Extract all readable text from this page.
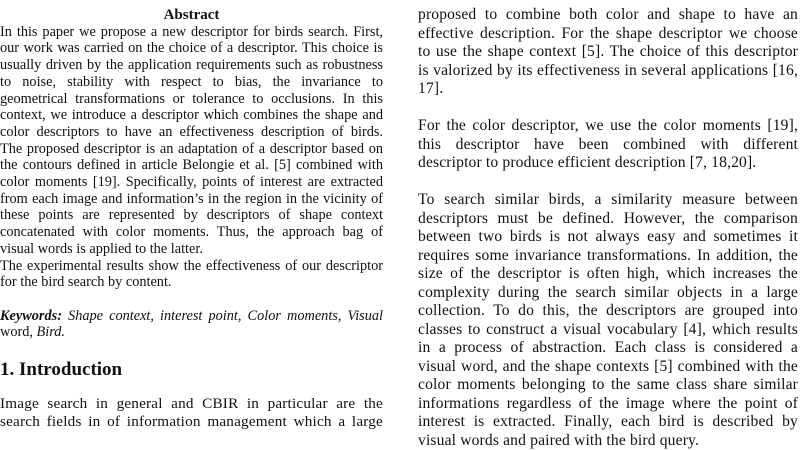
Abstract
In this paper we propose a new descriptor for birds search. First,
our work was carried on the choice of a descriptor. This choice is
usually driven by the application requirements such as robustness
to noise, stability with respect to bias, the invariance to
geometrical transformations or tolerance to occlusions. In this
context, we introduce a descriptor which combines the shape and
color descriptors to have an effectiveness description of birds.
The proposed descriptor is an adaptation of a descriptor based on
the contours defined in article Belongie et al. [5] combined with
color moments [19]. Specifically, points of interest are extracted
from each image and information’s in the region in the vicinity of
these points are represented by descriptors of shape context
concatenated with color moments. Thus, the approach bag of
visual words is applied to the latter.
The experimental results show the effectiveness of our descriptor
for the bird search by content.
Keywords: Shape context, interest point, Color moments, Visual
word, Bird.
1. Introduction
Image search in general and CBIR in particular are the
search fields in of information management which a large
proposed to combine both color and shape to have an
effective description. For the shape descriptor we choose
to use the shape context [5]. The choice of this descriptor
is valorized by its effectiveness in several applications [16,
17].
For the color descriptor, we use the color moments [19],
this descriptor have been combined with different
descriptor to produce efficient description [7, 18,20].
To search similar birds, a similarity measure between
descriptors must be defined. However, the comparison
between two birds is not always easy and sometimes it
requires some invariance transformations. In addition, the
size of the descriptor is often high, which increases the
complexity during the search similar objects in a large
collection. To do this, the descriptors are grouped into
classes to construct a visual vocabulary [4], which results
in a process of abstraction. Each class is considered a
visual word, and the shape contexts [5] combined with the
color moments belonging to the same class share similar
informations regardless of the image where the point of
interest is extracted. Finally, each bird is described by
visual words and paired with the bird query.
